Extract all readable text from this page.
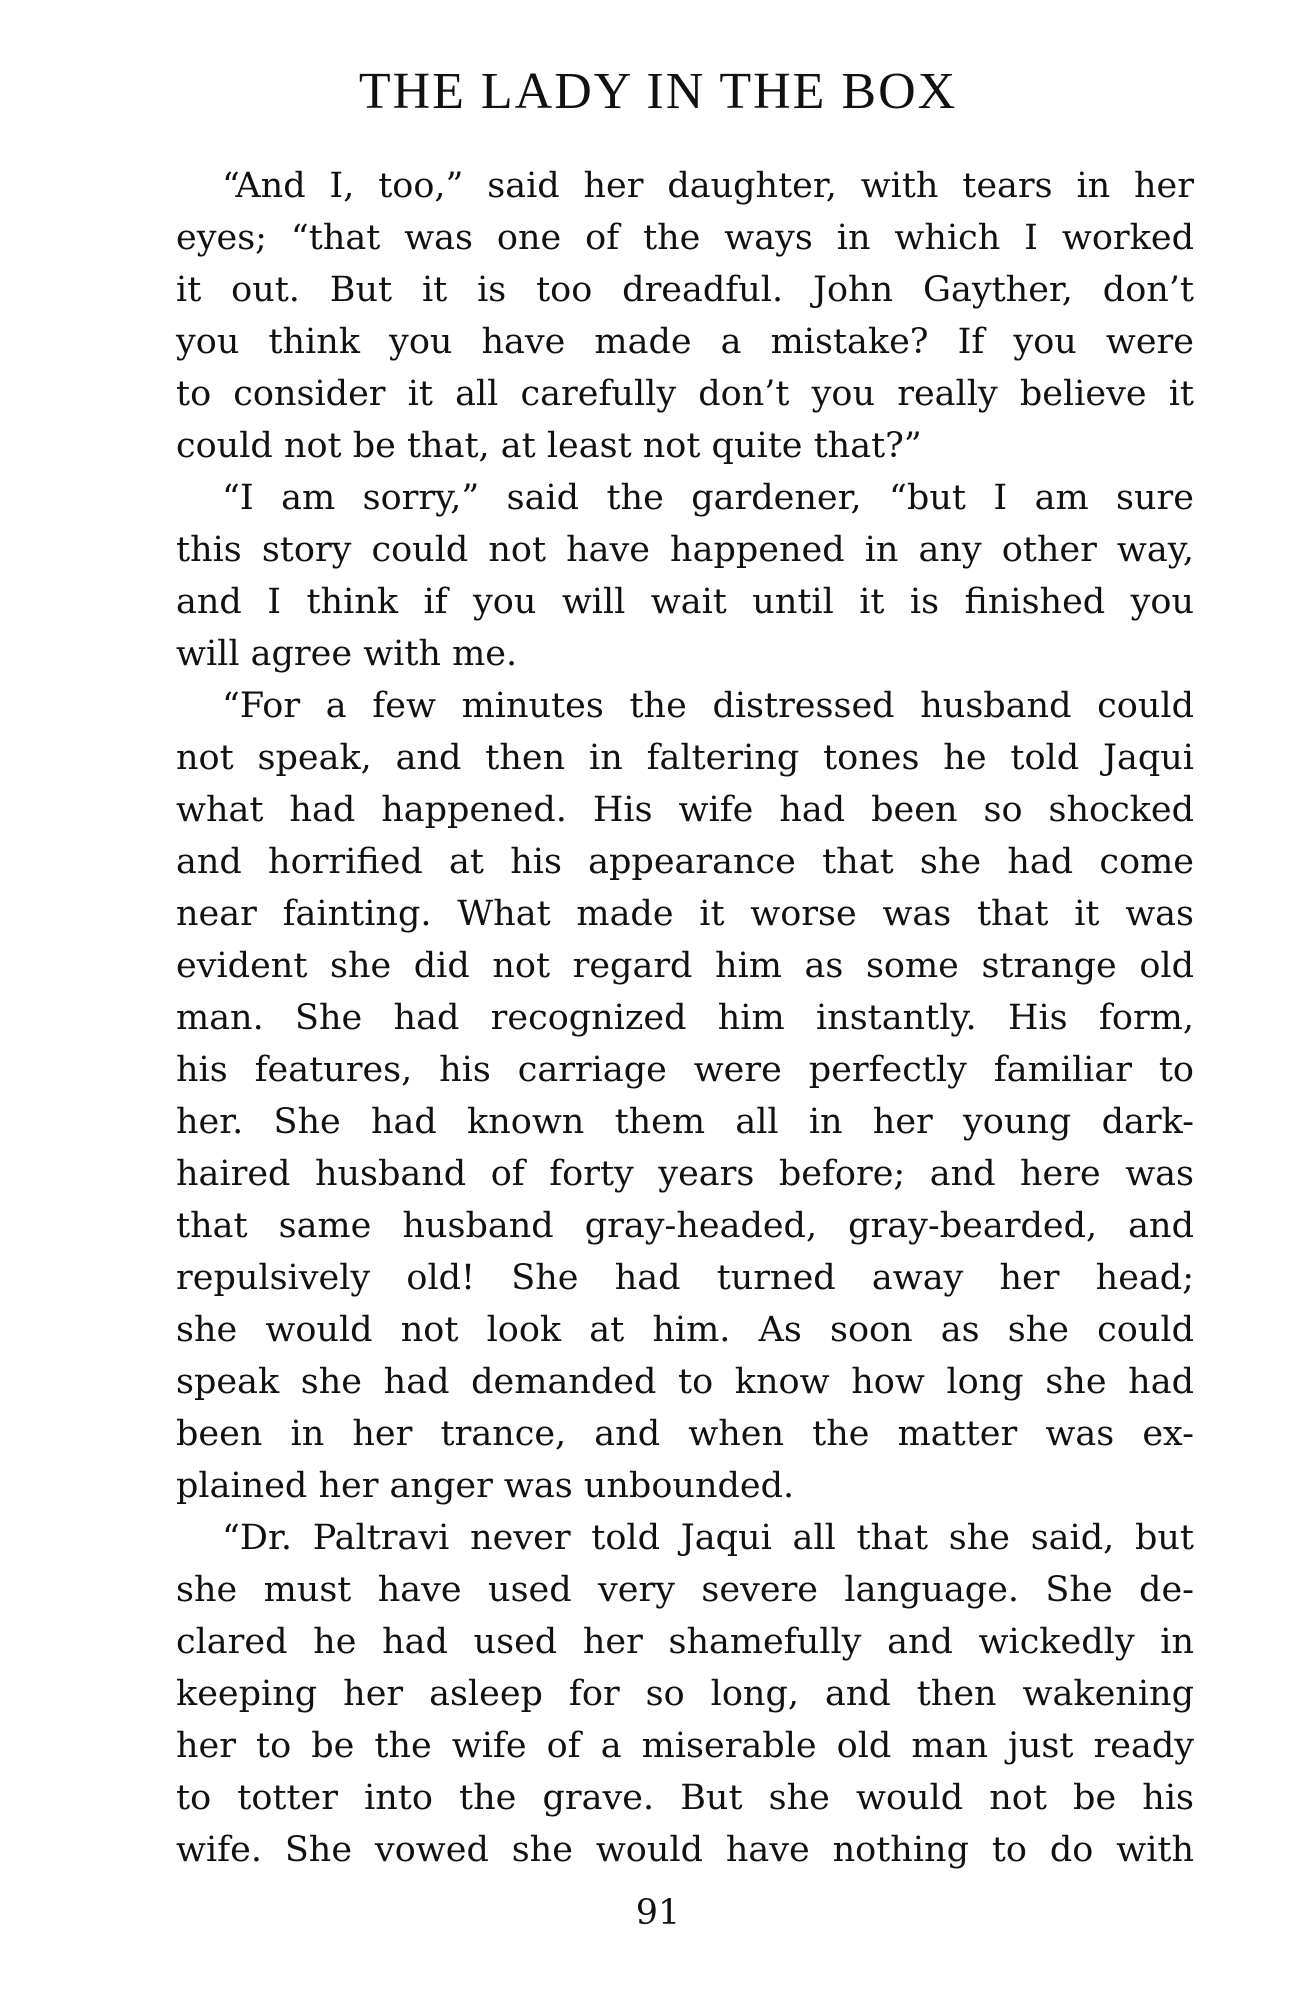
THE LADY IN THE BOX
“And I, too,” said her daughter, with tears in her
eyes; “that was one of the ways in which I worked
it out. But it is too dreadful. John Gayther, don’t
you think you have made a mistake? If you were
to consider it all carefully don’t you really believe it
could not be that, at least not quite that?”
“I am sorry,” said the gardener, “but I am sure
this story could not have happened in any other way,
and I think if you will wait until it is finished you
will agree with me.
“For a few minutes the distressed husband could
not speak, and then in faltering tones he told Jaqui
what had happened. His wife had been so shocked
and horrified at his appearance that she had come
near fainting. What made it worse was that it was
evident she did not regard him as some strange old
man. She had recognized him instantly. His form,
his features, his carriage were perfectly familiar to
her. She had known them all in her young dark-
haired husband of forty years before; and here was
that same husband gray-headed, gray-bearded, and
repulsively old! She had turned away her head;
she would not look at him. As soon as she could
speak she had demanded to know how long she had
been in her trance, and when the matter was ex-
plained her anger was unbounded.
“Dr. Paltravi never told Jaqui all that she said, but
she must have used very severe language. She de-
clared he had used her shamefully and wickedly in
keeping her asleep for so long, and then wakening
her to be the wife of a miserable old man just ready
to totter into the grave. But she would not be his
wife. She vowed she would have nothing to do with
91
